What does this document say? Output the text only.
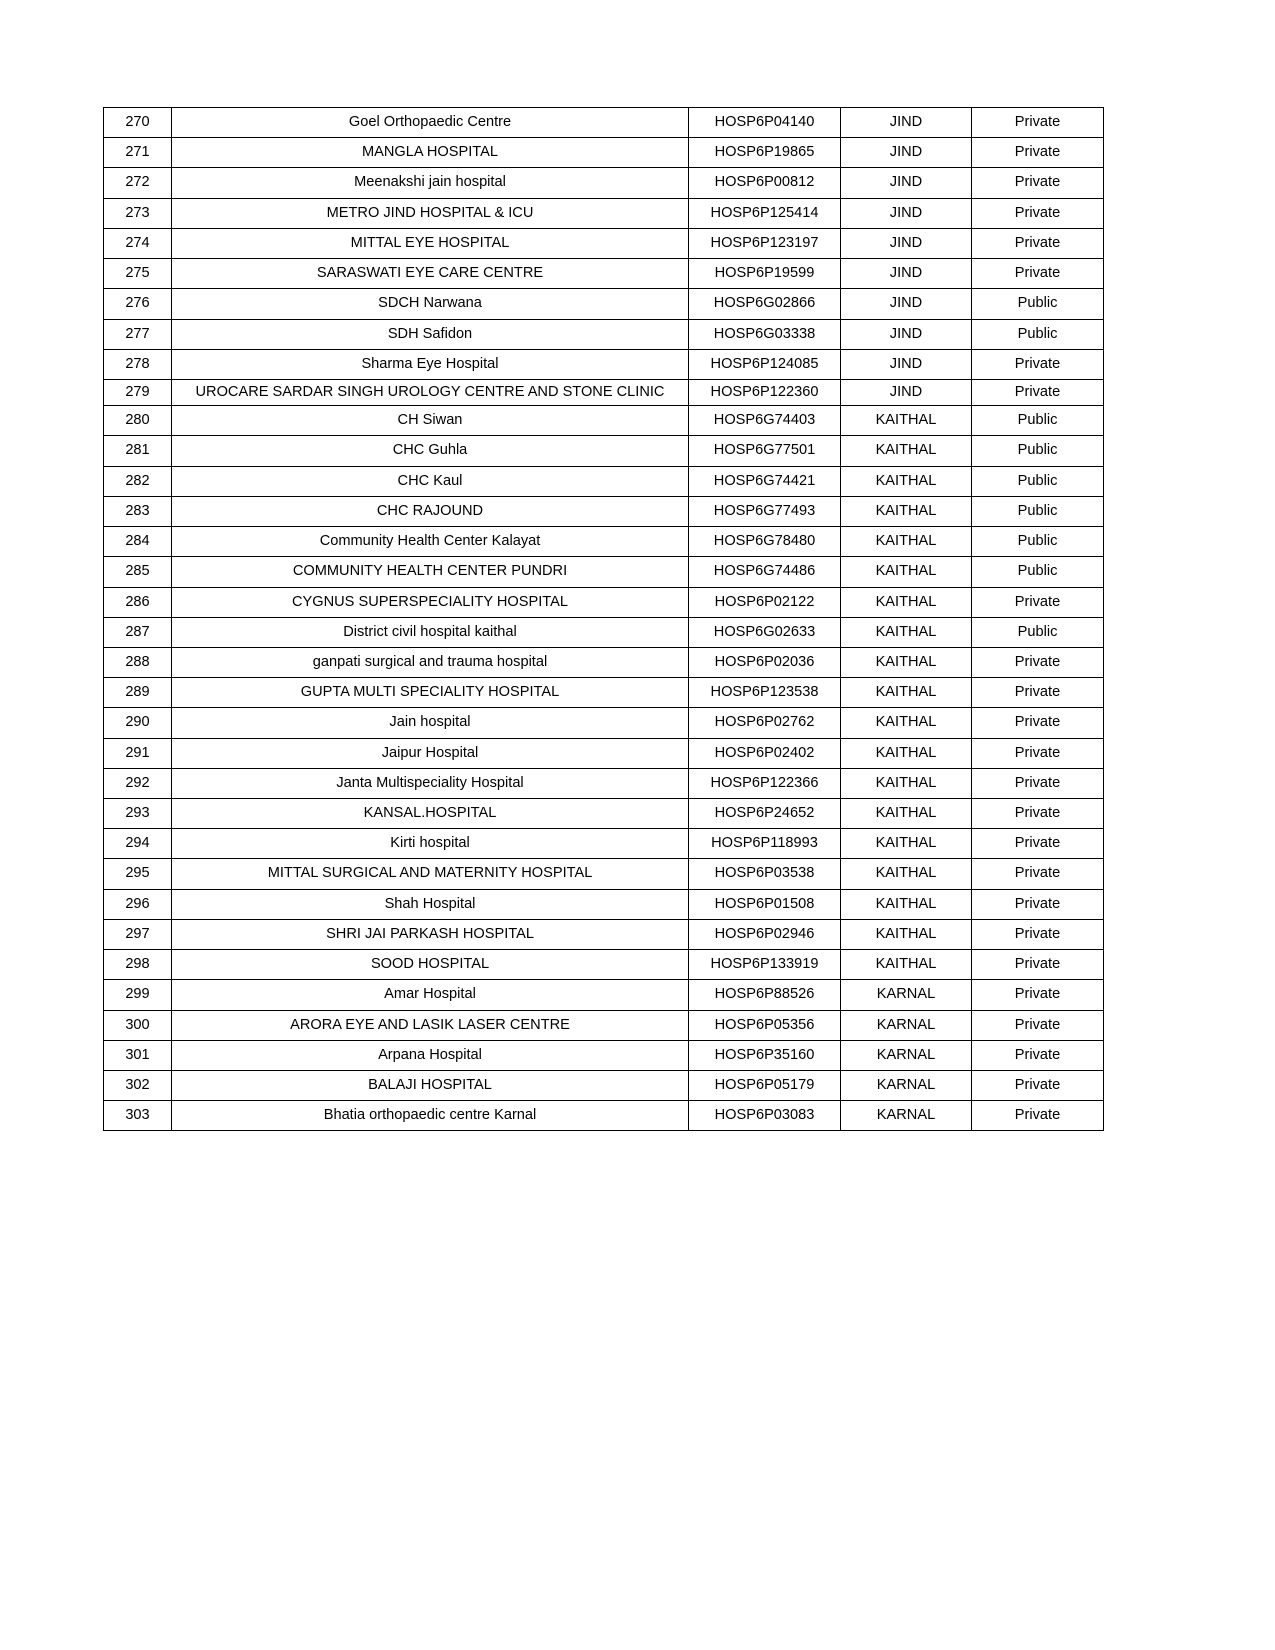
270	Goel Orthopaedic Centre	HOSP6P04140	JIND	Private
271	MANGLA HOSPITAL	HOSP6P19865	JIND	Private
272	Meenakshi jain hospital	HOSP6P00812	JIND	Private
273	METRO JIND HOSPITAL & ICU	HOSP6P125414	JIND	Private
274	MITTAL EYE HOSPITAL	HOSP6P123197	JIND	Private
275	SARASWATI EYE CARE CENTRE	HOSP6P19599	JIND	Private
276	SDCH Narwana	HOSP6G02866	JIND	Public
277	SDH Safidon	HOSP6G03338	JIND	Public
278	Sharma Eye Hospital	HOSP6P124085	JIND	Private
279	UROCARE SARDAR SINGH UROLOGY CENTRE AND STONE CLINIC	HOSP6P122360	JIND	Private
280	CH Siwan	HOSP6G74403	KAITHAL	Public
281	CHC Guhla	HOSP6G77501	KAITHAL	Public
282	CHC Kaul	HOSP6G74421	KAITHAL	Public
283	CHC RAJOUND	HOSP6G77493	KAITHAL	Public
284	Community Health Center Kalayat	HOSP6G78480	KAITHAL	Public
285	COMMUNITY HEALTH CENTER PUNDRI	HOSP6G74486	KAITHAL	Public
286	CYGNUS SUPERSPECIALITY HOSPITAL	HOSP6P02122	KAITHAL	Private
287	District civil hospital kaithal	HOSP6G02633	KAITHAL	Public
288	ganpati surgical and trauma hospital	HOSP6P02036	KAITHAL	Private
289	GUPTA MULTI SPECIALITY HOSPITAL	HOSP6P123538	KAITHAL	Private
290	Jain hospital	HOSP6P02762	KAITHAL	Private
291	Jaipur Hospital	HOSP6P02402	KAITHAL	Private
292	Janta Multispeciality Hospital	HOSP6P122366	KAITHAL	Private
293	KANSAL.HOSPITAL	HOSP6P24652	KAITHAL	Private
294	Kirti hospital	HOSP6P118993	KAITHAL	Private
295	MITTAL SURGICAL AND MATERNITY HOSPITAL	HOSP6P03538	KAITHAL	Private
296	Shah Hospital	HOSP6P01508	KAITHAL	Private
297	SHRI JAI PARKASH HOSPITAL	HOSP6P02946	KAITHAL	Private
298	SOOD HOSPITAL	HOSP6P133919	KAITHAL	Private
299	Amar Hospital	HOSP6P88526	KARNAL	Private
300	ARORA EYE AND LASIK LASER CENTRE	HOSP6P05356	KARNAL	Private
301	Arpana Hospital	HOSP6P35160	KARNAL	Private
302	BALAJI HOSPITAL	HOSP6P05179	KARNAL	Private
303	Bhatia orthopaedic centre Karnal	HOSP6P03083	KARNAL	Private
